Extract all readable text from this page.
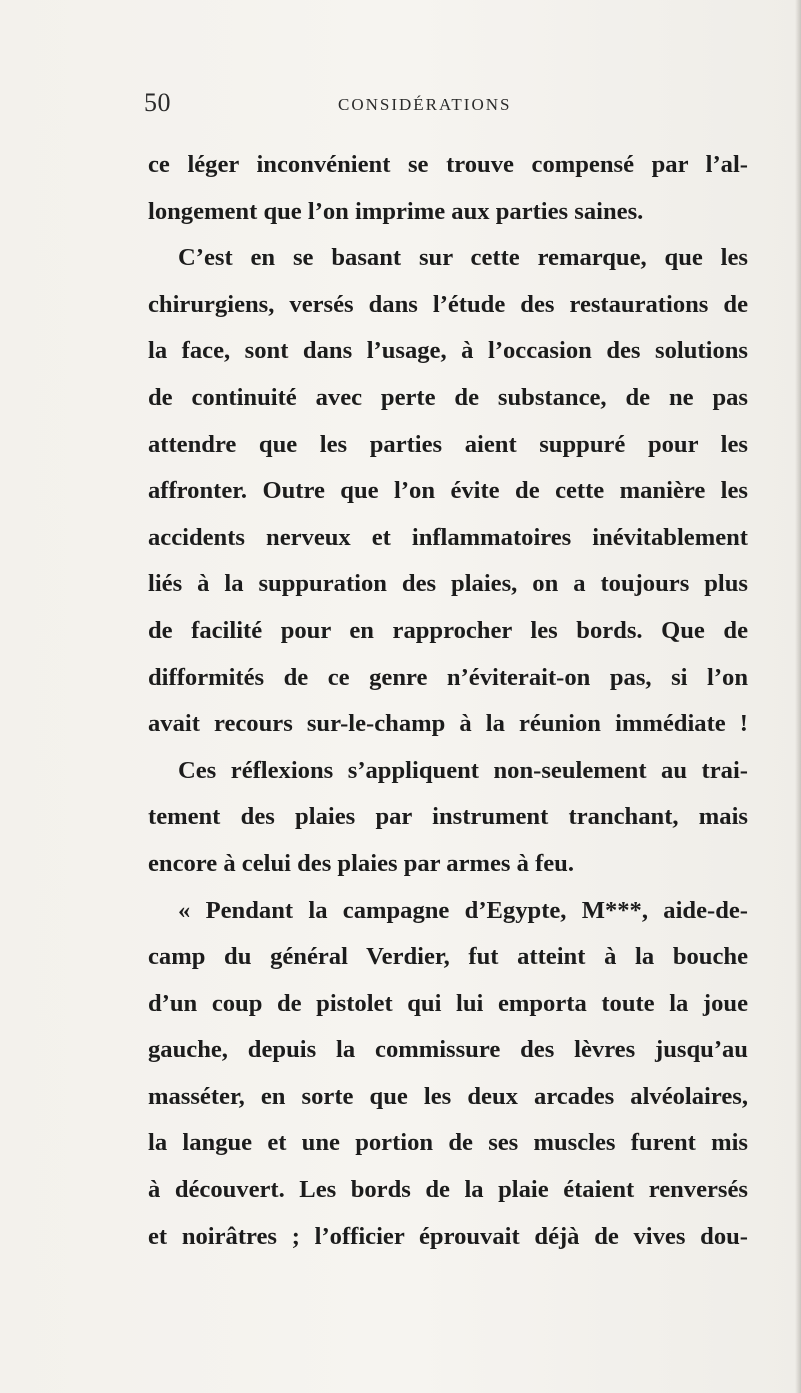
50	CONSIDÉRATIONS
ce léger inconvénient se trouve compensé par l’al-
longement que l’on imprime aux parties saines.
C’est en se basant sur cette remarque, que les
chirurgiens, versés dans l’étude des restaurations de
la face, sont dans l’usage, à l’occasion des solutions
de continuité avec perte de substance, de ne pas
attendre que les parties aient suppuré pour les
affronter. Outre que l’on évite de cette manière les
accidents nerveux et inflammatoires inévitablement
liés à la suppuration des plaies, on a toujours plus
de facilité pour en rapprocher les bords. Que de
difformités de ce genre n’éviterait-on pas, si l’on
avait recours sur-le-champ à la réunion immédiate !
Ces réflexions s’appliquent non-seulement au trai-
tement des plaies par instrument tranchant, mais
encore à celui des plaies par armes à feu.
« Pendant la campagne d’Egypte, M***, aide-de-
camp du général Verdier, fut atteint à la bouche
d’un coup de pistolet qui lui emporta toute la joue
gauche, depuis la commissure des lèvres jusqu’au
masséter, en sorte que les deux arcades alvéolaires,
la langue et une portion de ses muscles furent mis
à découvert. Les bords de la plaie étaient renversés
et noirâtres ; l’officier éprouvait déjà de vives dou-
